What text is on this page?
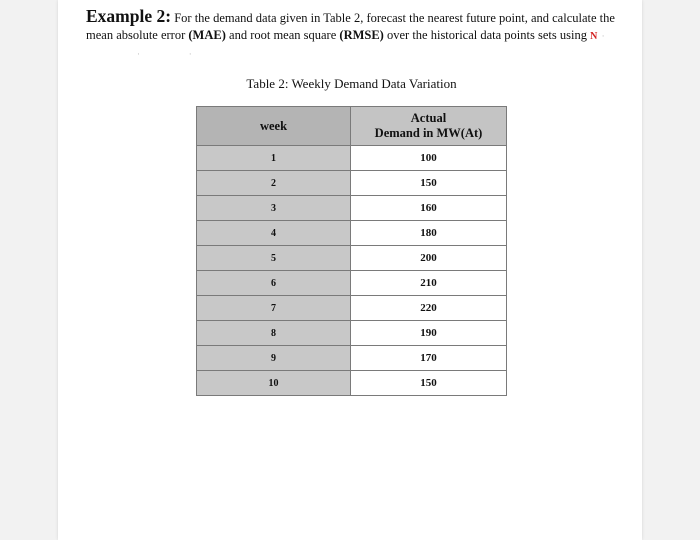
Example 2: For the demand data given in Table 2, forecast the nearest future point, and calculate the mean absolute error (MAE) and root mean square (RMSE) over the historical data points sets using N ·                 ·           ·

Table 2: Weekly Demand Data Variation
week	Actual
Demand in MW(At)
1	100
2	150
3	160
4	180
5	200
6	210
7	220
8	190
9	170
10	150
